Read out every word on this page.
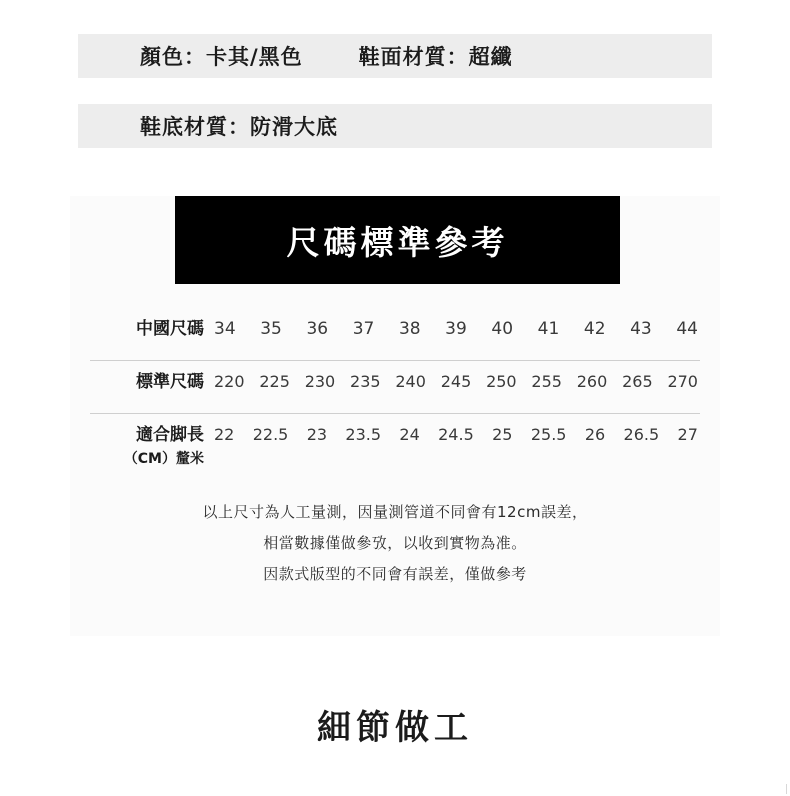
顏色：卡其/黑色	鞋面材質：超纖
鞋底材質：防滑大底
尺碼標準參考
中國尺碼 34 35 36 37 38 39 40 41 42 43 44
標準尺碼 220 225 230 235 240 245 250 255 260 265 270
適合脚長
（CM）釐米
22 22.5 23 23.5 24 24.5 25 25.5 26 26.5 27

以上尺寸為人工量測，因量測管道不同會有12cm誤差，

相當數據僅做參攷，以收到實物為准。

因款式版型的不同會有誤差，僅做參考

細節做工
